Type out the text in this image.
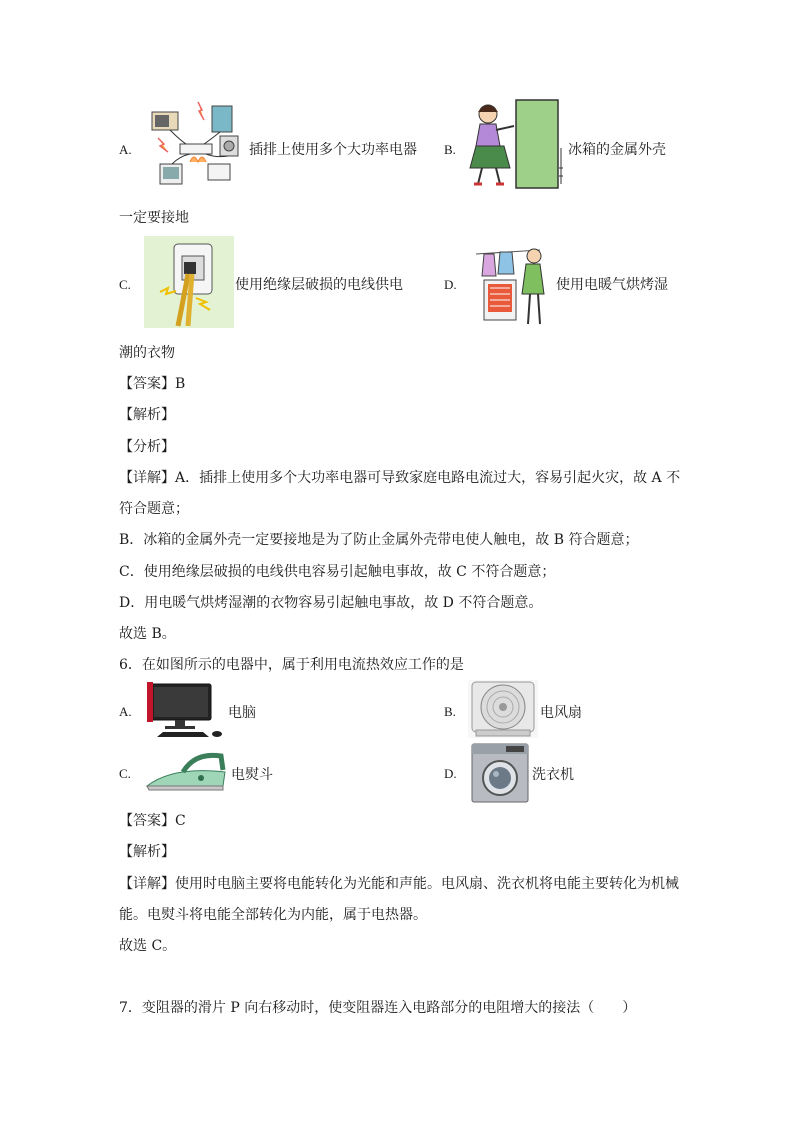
A.	插排上使用多个大功率电器 B.	冰箱的金属外壳
一定要接地
C.	使用绝缘层破损的电线供电	D.	使用电暖气烘烤湿
潮的衣物
【答案】B
【解析】
【分析】
【详解】A．插排上使用多个大功率电器可导致家庭电路电流过大，容易引起火灾，故 A 不
符合题意；
B．冰箱的金属外壳一定要接地是为了防止金属外壳带电使人触电，故 B 符合题意；
C．使用绝缘层破损的电线供电容易引起触电事故，故 C 不符合题意；
D．用电暖气烘烤湿潮的衣物容易引起触电事故，故 D 不符合题意。
故选 B。
6．在如图所示的电器中，属于利用电流热效应工作的是
A.	电脑	B.	电风扇
C.	电熨斗	D.	洗衣机
【答案】C
【解析】
【详解】使用时电脑主要将电能转化为光能和声能。电风扇、洗衣机将电能主要转化为机械
能。电熨斗将电能全部转化为内能，属于电热器。
故选 C。
7．变阻器的滑片 P 向右移动时，使变阻器连入电路部分的电阻增大的接法（　　）
